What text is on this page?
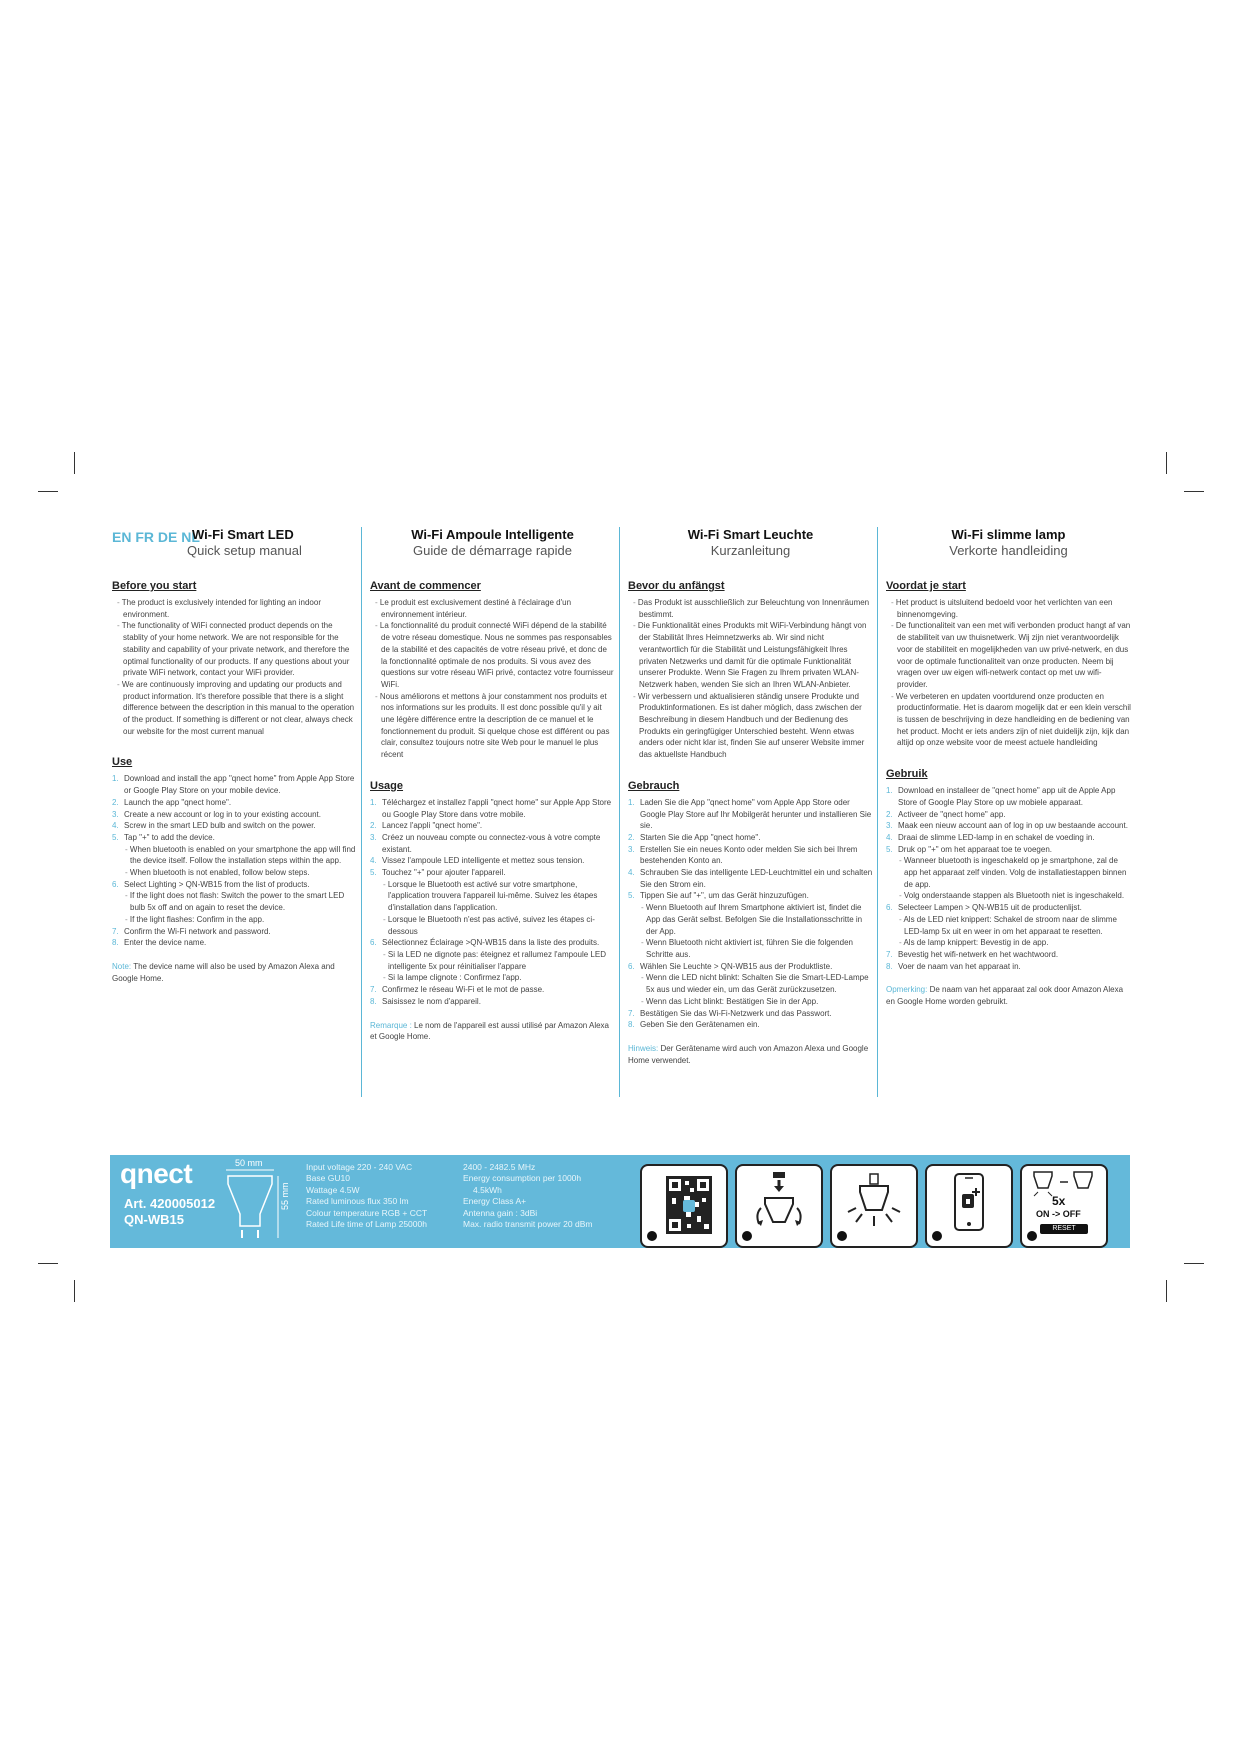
EN FR DE NL
Wi-Fi Smart LED
Quick setup manual
Before you start
- The product is exclusively intended for lighting an indoor environment.
- The functionality of WiFi connected product depends on the stablity of your home network. We are not responsible for the stability and capability of your private network, and therefore the optimal functionality of our products. If any questions about your private WiFi network, contact your WiFi provider.
- We are continuously improving and updating our products and product information. It's therefore possible that there is a slight difference between the description in this manual to the operation of the product. If something is different or not clear, always check our website for the most current manual
Use
1. Download and install the app "qnect home" from Apple App Store or Google Play Store on your mobile device.
2. Launch the app "qnect home".
3. Create a new account or log in to your existing account.
4. Screw in the smart LED bulb and switch on the power.
5. Tap "+" to add the device.
- When bluetooth is enabled on your smartphone the app will find the device itself. Follow the installation steps within the app.
- When bluetooth is not enabled, follow below steps.
6. Select Lighting > QN-WB15 from the list of products.
- If the light does not flash: Switch the power to the smart LED bulb 5x off and on again to reset the device.
- If the light flashes: Confirm in the app.
7. Confirm the Wi-Fi network and password.
8. Enter the device name.
Note: The device name will also be used by Amazon Alexa and Google Home.
Wi-Fi Ampoule Intelligente
Guide de démarrage rapide
Avant de commencer
- Le produit est exclusivement destiné à l'éclairage d'un environnement intérieur.
- La fonctionnalité du produit connecté WiFi dépend de la stabilité de votre réseau domestique. Nous ne sommes pas responsables de la stabilité et des capacités de votre réseau privé, et donc de la fonctionnalité optimale de nos produits. Si vous avez des questions sur votre réseau WiFi privé, contactez votre fournisseur WiFi.
- Nous améliorons et mettons à jour constamment nos produits et nos informations sur les produits. Il est donc possible qu'il y ait une légère différence entre la description de ce manuel et le fonctionnement du produit. Si quelque chose est différent ou pas clair, consultez toujours notre site Web pour le manuel le plus récent
Usage
1. Téléchargez et installez l'appli "qnect home" sur Apple App Store ou Google Play Store dans votre mobile.
2. Lancez l'appli "qnect home".
3. Créez un nouveau compte ou connectez-vous à votre compte existant.
4. Vissez l'ampoule LED intelligente et mettez sous tension.
5. Touchez "+" pour ajouter l'appareil.
- Lorsque le Bluetooth est activé sur votre smartphone, l'application trouvera l'appareil lui-même. Suivez les étapes d'installation dans l'application.
- Lorsque le Bluetooth n'est pas activé, suivez les étapes ci-dessous
6. Sélectionnez Éclairage >QN-WB15 dans la liste des produits.
- Si la LED ne dignote pas: éteignez et rallumez l'ampoule LED intelligente 5x pour réinitialiser l'appare
- Si la lampe clignote : Confirmez l'app.
7. Confirmez le réseau Wi-Fi et le mot de passe.
8. Saisissez le nom d'appareil.
Remarque : Le nom de l'appareil est aussi utilisé par Amazon Alexa et Google Home.
Wi-Fi Smart Leuchte
Kurzanleitung
Bevor du anfängst
- Das Produkt ist ausschließlich zur Beleuchtung von Innenräumen bestimmt.
- Die Funktionalität eines Produkts mit WiFi-Verbindung hängt von der Stabilität Ihres Heimnetzwerks ab. Wir sind nicht verantwortlich für die Stabilität und Leistungsfähigkeit Ihres privaten Netzwerks und damit für die optimale Funktionalität unserer Produkte. Wenn Sie Fragen zu Ihrem privaten WLAN-Netzwerk haben, wenden Sie sich an Ihren WLAN-Anbieter.
- Wir verbessern und aktualisieren ständig unsere Produkte und Produktinformationen. Es ist daher möglich, dass zwischen der Beschreibung in diesem Handbuch und der Bedienung des Produkts ein geringfügiger Unterschied besteht. Wenn etwas anders oder nicht klar ist, finden Sie auf unserer Website immer das aktuellste Handbuch
Gebrauch
1. Laden Sie die App "qnect home" vom Apple App Store oder Google Play Store auf Ihr Mobilgerät herunter und installieren Sie sie.
2. Starten Sie die App "qnect home".
3. Erstellen Sie ein neues Konto oder melden Sie sich bei Ihrem bestehenden Konto an.
4. Schrauben Sie das intelligente LED-Leuchtmittel ein und schalten Sie den Strom ein.
5. Tippen Sie auf "+", um das Gerät hinzuzufügen.
- Wenn Bluetooth auf Ihrem Smartphone aktiviert ist, findet die App das Gerät selbst. Befolgen Sie die Installationsschritte in der App.
- Wenn Bluetooth nicht aktiviert ist, führen Sie die folgenden Schritte aus.
6. Wählen Sie Leuchte > QN-WB15 aus der Produktliste.
- Wenn die LED nicht blinkt: Schalten Sie die Smart-LED-Lampe 5x aus und wieder ein, um das Gerät zurückzusetzen.
- Wenn das Licht blinkt: Bestätigen Sie in der App.
7. Bestätigen Sie das Wi-Fi-Netzwerk und das Passwort.
8. Geben Sie den Gerätenamen ein.
Hinweis: Der Gerätename wird auch von Amazon Alexa und Google Home verwendet.
Wi-Fi slimme lamp
Verkorte handleiding
Voordat je start
- Het product is uitsluitend bedoeld voor het verlichten van een binnenomgeving.
- De functionaliteit van een met wifi verbonden product hangt af van de stabiliteit van uw thuisnetwerk. Wij zijn niet verantwoordelijk voor de stabiliteit en mogelijkheden van uw privé-netwerk, en dus voor de optimale functionaliteit van onze producten. Neem bij vragen over uw eigen wifi-netwerk contact op met uw wifi-provider.
- We verbeteren en updaten voortdurend onze producten en productinformatie. Het is daarom mogelijk dat er een klein verschil is tussen de beschrijving in deze handleiding en de bediening van het product. Mocht er iets anders zijn of niet duidelijk zijn, kijk dan altijd op onze website voor de meest actuele handleiding
Gebruik
1. Download en installeer de "qnect home" app uit de Apple App Store of Google Play Store op uw mobiele apparaat.
2. Activeer de "qnect home" app.
3. Maak een nieuw account aan of log in op uw bestaande account.
4. Draai de slimme LED-lamp in en schakel de voeding in.
5. Druk op "+" om het apparaat toe te voegen.
- Wanneer bluetooth is ingeschakeld op je smartphone, zal de app het apparaat zelf vinden. Volg de installatiestappen binnen de app.
- Volg onderstaande stappen als Bluetooth niet is ingeschakeld.
6. Selecteer Lampen > QN-WB15 uit de productenlijst.
- Als de LED niet knippert: Schakel de stroom naar de slimme LED-lamp 5x uit en weer in om het apparaat te resetten.
- Als de lamp knippert: Bevestig in de app.
7. Bevestig het wifi-netwerk en het wachtwoord.
8. Voer de naam van het apparaat in.
Opmerking: De naam van het apparaat zal ook door Amazon Alexa en Google Home worden gebruikt.
qnect
Art. 420005012
QN-WB15
50 mm
55 mm
Input voltage 220 - 240 VAC
Base GU10
Wattage 4.5W
Rated luminous flux 350 lm
Colour temperature RGB + CCT
Rated Life time of Lamp 25000h
2400 - 2482.5 MHz
Energy consumption per 1000h
4.5kWh
Energy Class A+
Antenna gain : 3dBi
Max. radio transmit power 20 dBm
5x
ON -> OFF
RESET
